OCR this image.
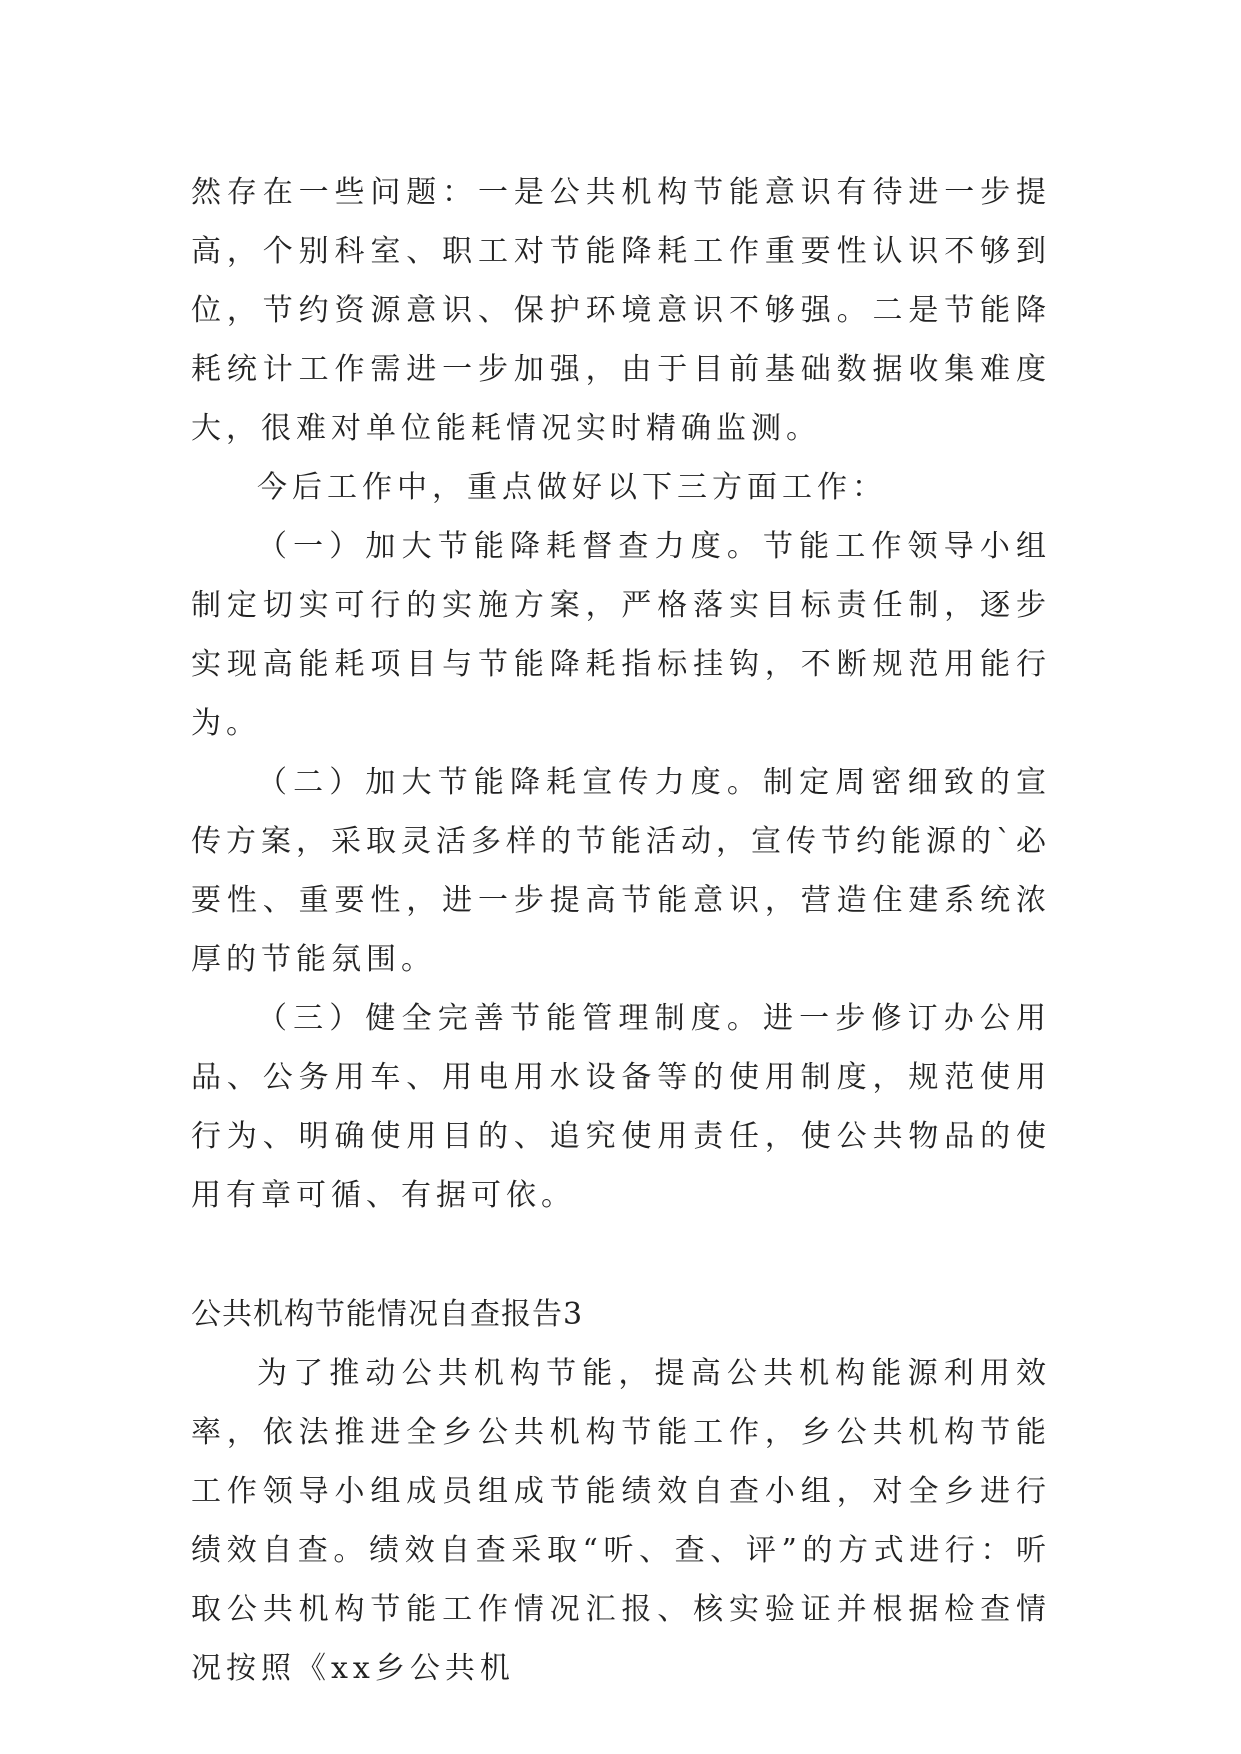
然存在一些问题：一是公共机构节能意识有待进一步提高，个别科室、职工对节能降耗工作重要性认识不够到位，节约资源意识、保护环境意识不够强。二是节能降耗统计工作需进一步加强，由于目前基础数据收集难度大，很难对单位能耗情况实时精确监测。

今后工作中，重点做好以下三方面工作：

（一）加大节能降耗督查力度。节能工作领导小组制定切实可行的实施方案，严格落实目标责任制，逐步实现高能耗项目与节能降耗指标挂钩，不断规范用能行为。

（二）加大节能降耗宣传力度。制定周密细致的宣传方案，采取灵活多样的节能活动，宣传节约能源的`必要性、重要性，进一步提高节能意识，营造住建系统浓厚的节能氛围。

（三）健全完善节能管理制度。进一步修订办公用品、公务用车、用电用水设备等的使用制度，规范使用行为、明确使用目的、追究使用责任，使公共物品的使用有章可循、有据可依。

公共机构节能情况自查报告3

为了推动公共机构节能，提高公共机构能源利用效率，依法推进全乡公共机构节能工作，乡公共机构节能工作领导小组成员组成节能绩效自查小组，对全乡进行绩效自查。绩效自查采取“听、查、评”的方式进行：听取公共机构节能工作情况汇报、核实验证并根据检查情况按照《xx乡公共机
